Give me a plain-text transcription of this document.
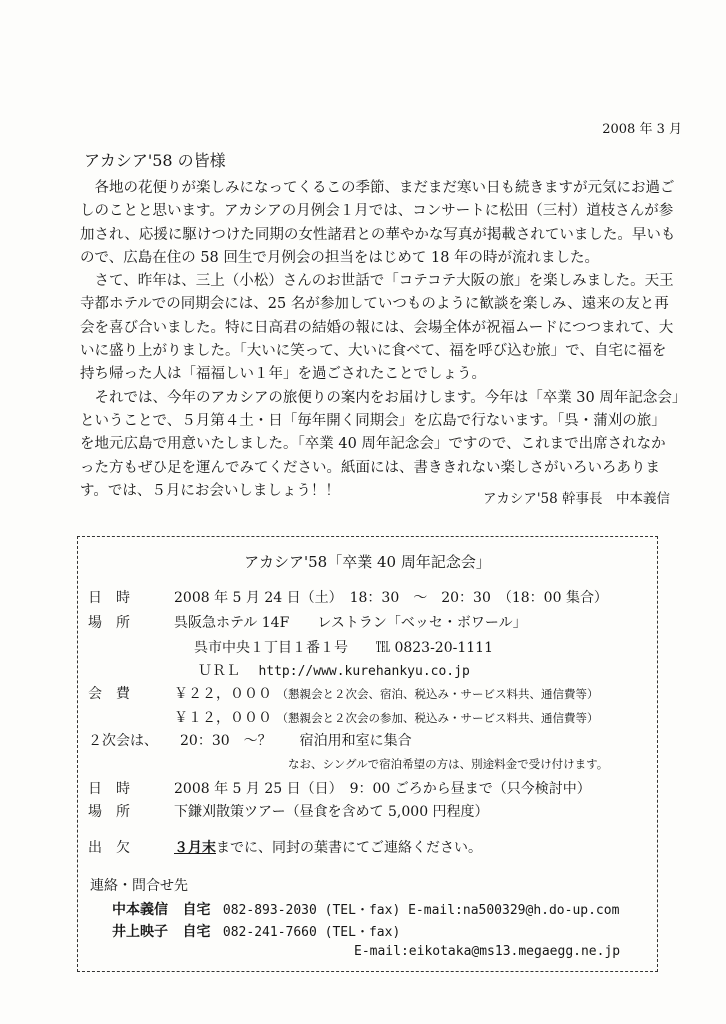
2008 年 3 月
アカシア'58 の皆様

各地の花便りが楽しみになってくるこの季節、まだまだ寒い日も続きますが元気にお過ごしのことと思います。アカシアの月例会１月では、コンサートに松田（三村）道枝さんが参加され、応援に駆けつけた同期の女性諸君との華やかな写真が掲載されていました。早いもので、広島在住の 58 回生で月例会の担当をはじめて 18 年の時が流れました。

さて、昨年は、三上（小松）さんのお世話で「コテコテ大阪の旅」を楽しみました。天王寺都ホテルでの同期会には、25 名が参加していつものように歓談を楽しみ、遠来の友と再会を喜び合いました。特に日高君の結婚の報には、会場全体が祝福ムードにつつまれて、大いに盛り上がりました。「大いに笑って、大いに食べて、福を呼び込む旅」で、自宅に福を持ち帰った人は「福福しい１年」を過ごされたことでしょう。

それでは、今年のアカシアの旅便りの案内をお届けします。今年は「卒業 30 周年記念会」ということで、５月第４土・日「毎年開く同期会」を広島で行ないます。「呉・蒲刈の旅」を地元広島で用意いたしました。「卒業 40 周年記念会」ですので、これまで出席されなかった方もぜひ足を運んでみてください。紙面には、書ききれない楽しさがいろいろあります。では、５月にお会いしましょう！！

アカシア'58 幹事長　中本義信
アカシア'58「卒業 40 周年記念会」
日　時	2008 年 5 月 24 日（土）　18：30　～　20：30　（18：00 集合）
場　所	呉阪急ホテル 14F　　レストラン「ベッセ・ボワール」
呉市中央１丁目１番１号　　℡ 0823-20-1111
ＵＲＬ http://www.kurehankyu.co.jp
会　費	￥２２，０００ （懇親会と２次会、宿泊、税込み・サービス料共、通信費等）
￥１２，０００ （懇親会と２次会の参加、税込み・サービス料共、通信費等）
２次会は、 20：30　～？　　宿泊用和室に集合
なお、シングルで宿泊希望の方は、別途料金で受け付けます。
日　時	2008 年 5 月 25 日（日）　9：00 ごろから昼まで（只今検討中）
場　所	下鎌刈散策ツアー（昼食を含めて 5,000 円程度）
出　欠	３月末までに、同封の葉書にてご連絡ください。
連絡・問合せ先
中本義信 自宅 082-893-2030 (TEL・fax) E-mail:na500329@h.do-up.com
井上映子 自宅 082-241-7660 (TEL・fax)
E-mail:eikotaka@ms13.megaegg.ne.jp
